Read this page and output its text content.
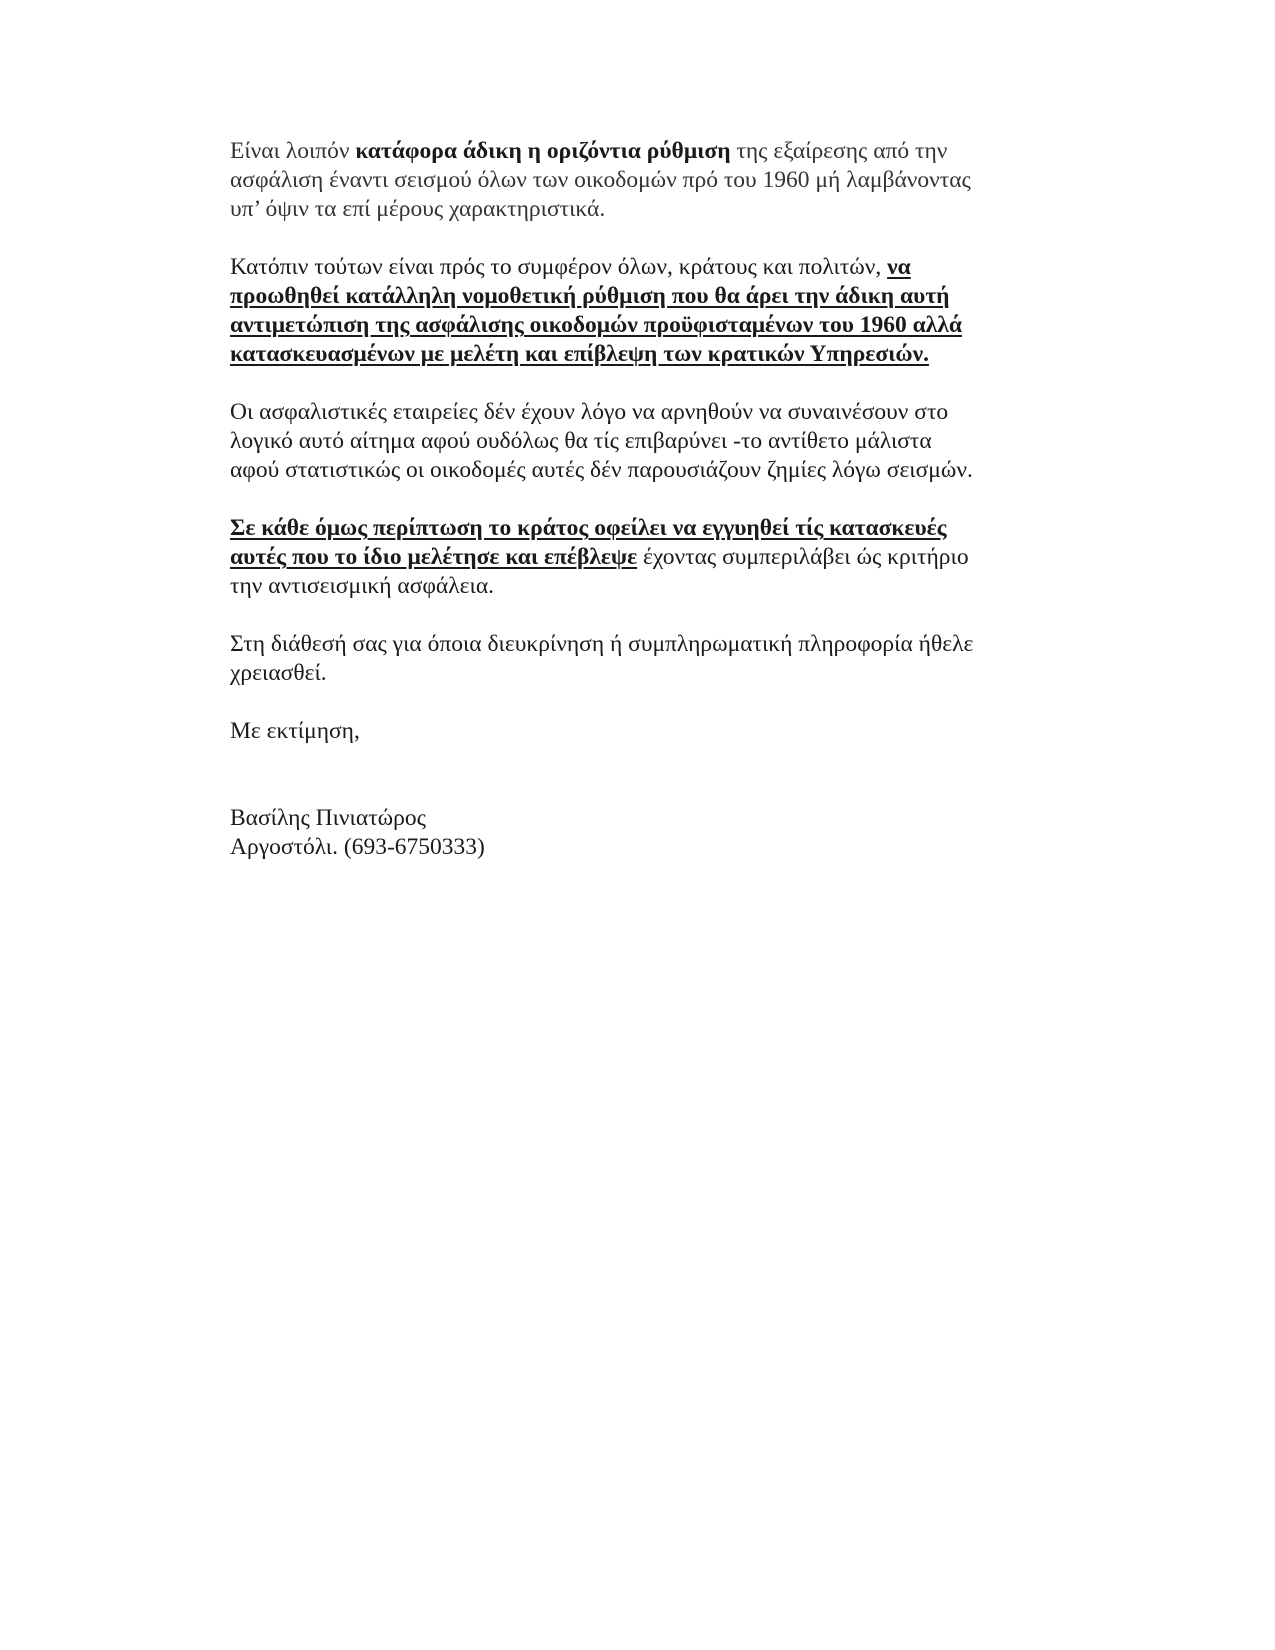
Είναι λοιπόν κατάφορα άδικη η οριζόντια ρύθμιση της εξαίρεσης από την
ασφάλιση έναντι σεισμού όλων των οικοδομών πρό του 1960 μή λαμβάνοντας
υπ’ όψιν τα επί μέρους χαρακτηριστικά.

Κατόπιν τούτων είναι πρός το συμφέρον όλων, κράτους και πολιτών, να
προωθηθεί κατάλληλη νομοθετική ρύθμιση που θα άρει την άδικη αυτή
αντιμετώπιση της ασφάλισης οικοδομών προϋφισταμένων του 1960 αλλά
κατασκευασμένων με μελέτη και επίβλεψη των κρατικών Υπηρεσιών.

Οι ασφαλιστικές εταιρείες δέν έχουν λόγο να αρνηθούν να συναινέσουν στο
λογικό αυτό αίτημα αφού ουδόλως θα τίς επιβαρύνει -το αντίθετο μάλιστα
αφού στατιστικώς οι οικοδομές αυτές δέν παρουσιάζουν ζημίες λόγω σεισμών.

Σε κάθε όμως περίπτωση το κράτος οφείλει να εγγυηθεί τίς κατασκευές
αυτές που το ίδιο μελέτησε και επέβλεψε έχοντας συμπεριλάβει ώς κριτήριο
την αντισεισμική ασφάλεια.

Στη διάθεσή σας για όποια διευκρίνηση ή συμπληρωματική πληροφορία ήθελε
χρειασθεί.

Με εκτίμηση,

Βασίλης Πινιατώρος
Αργοστόλι. (693-6750333)
